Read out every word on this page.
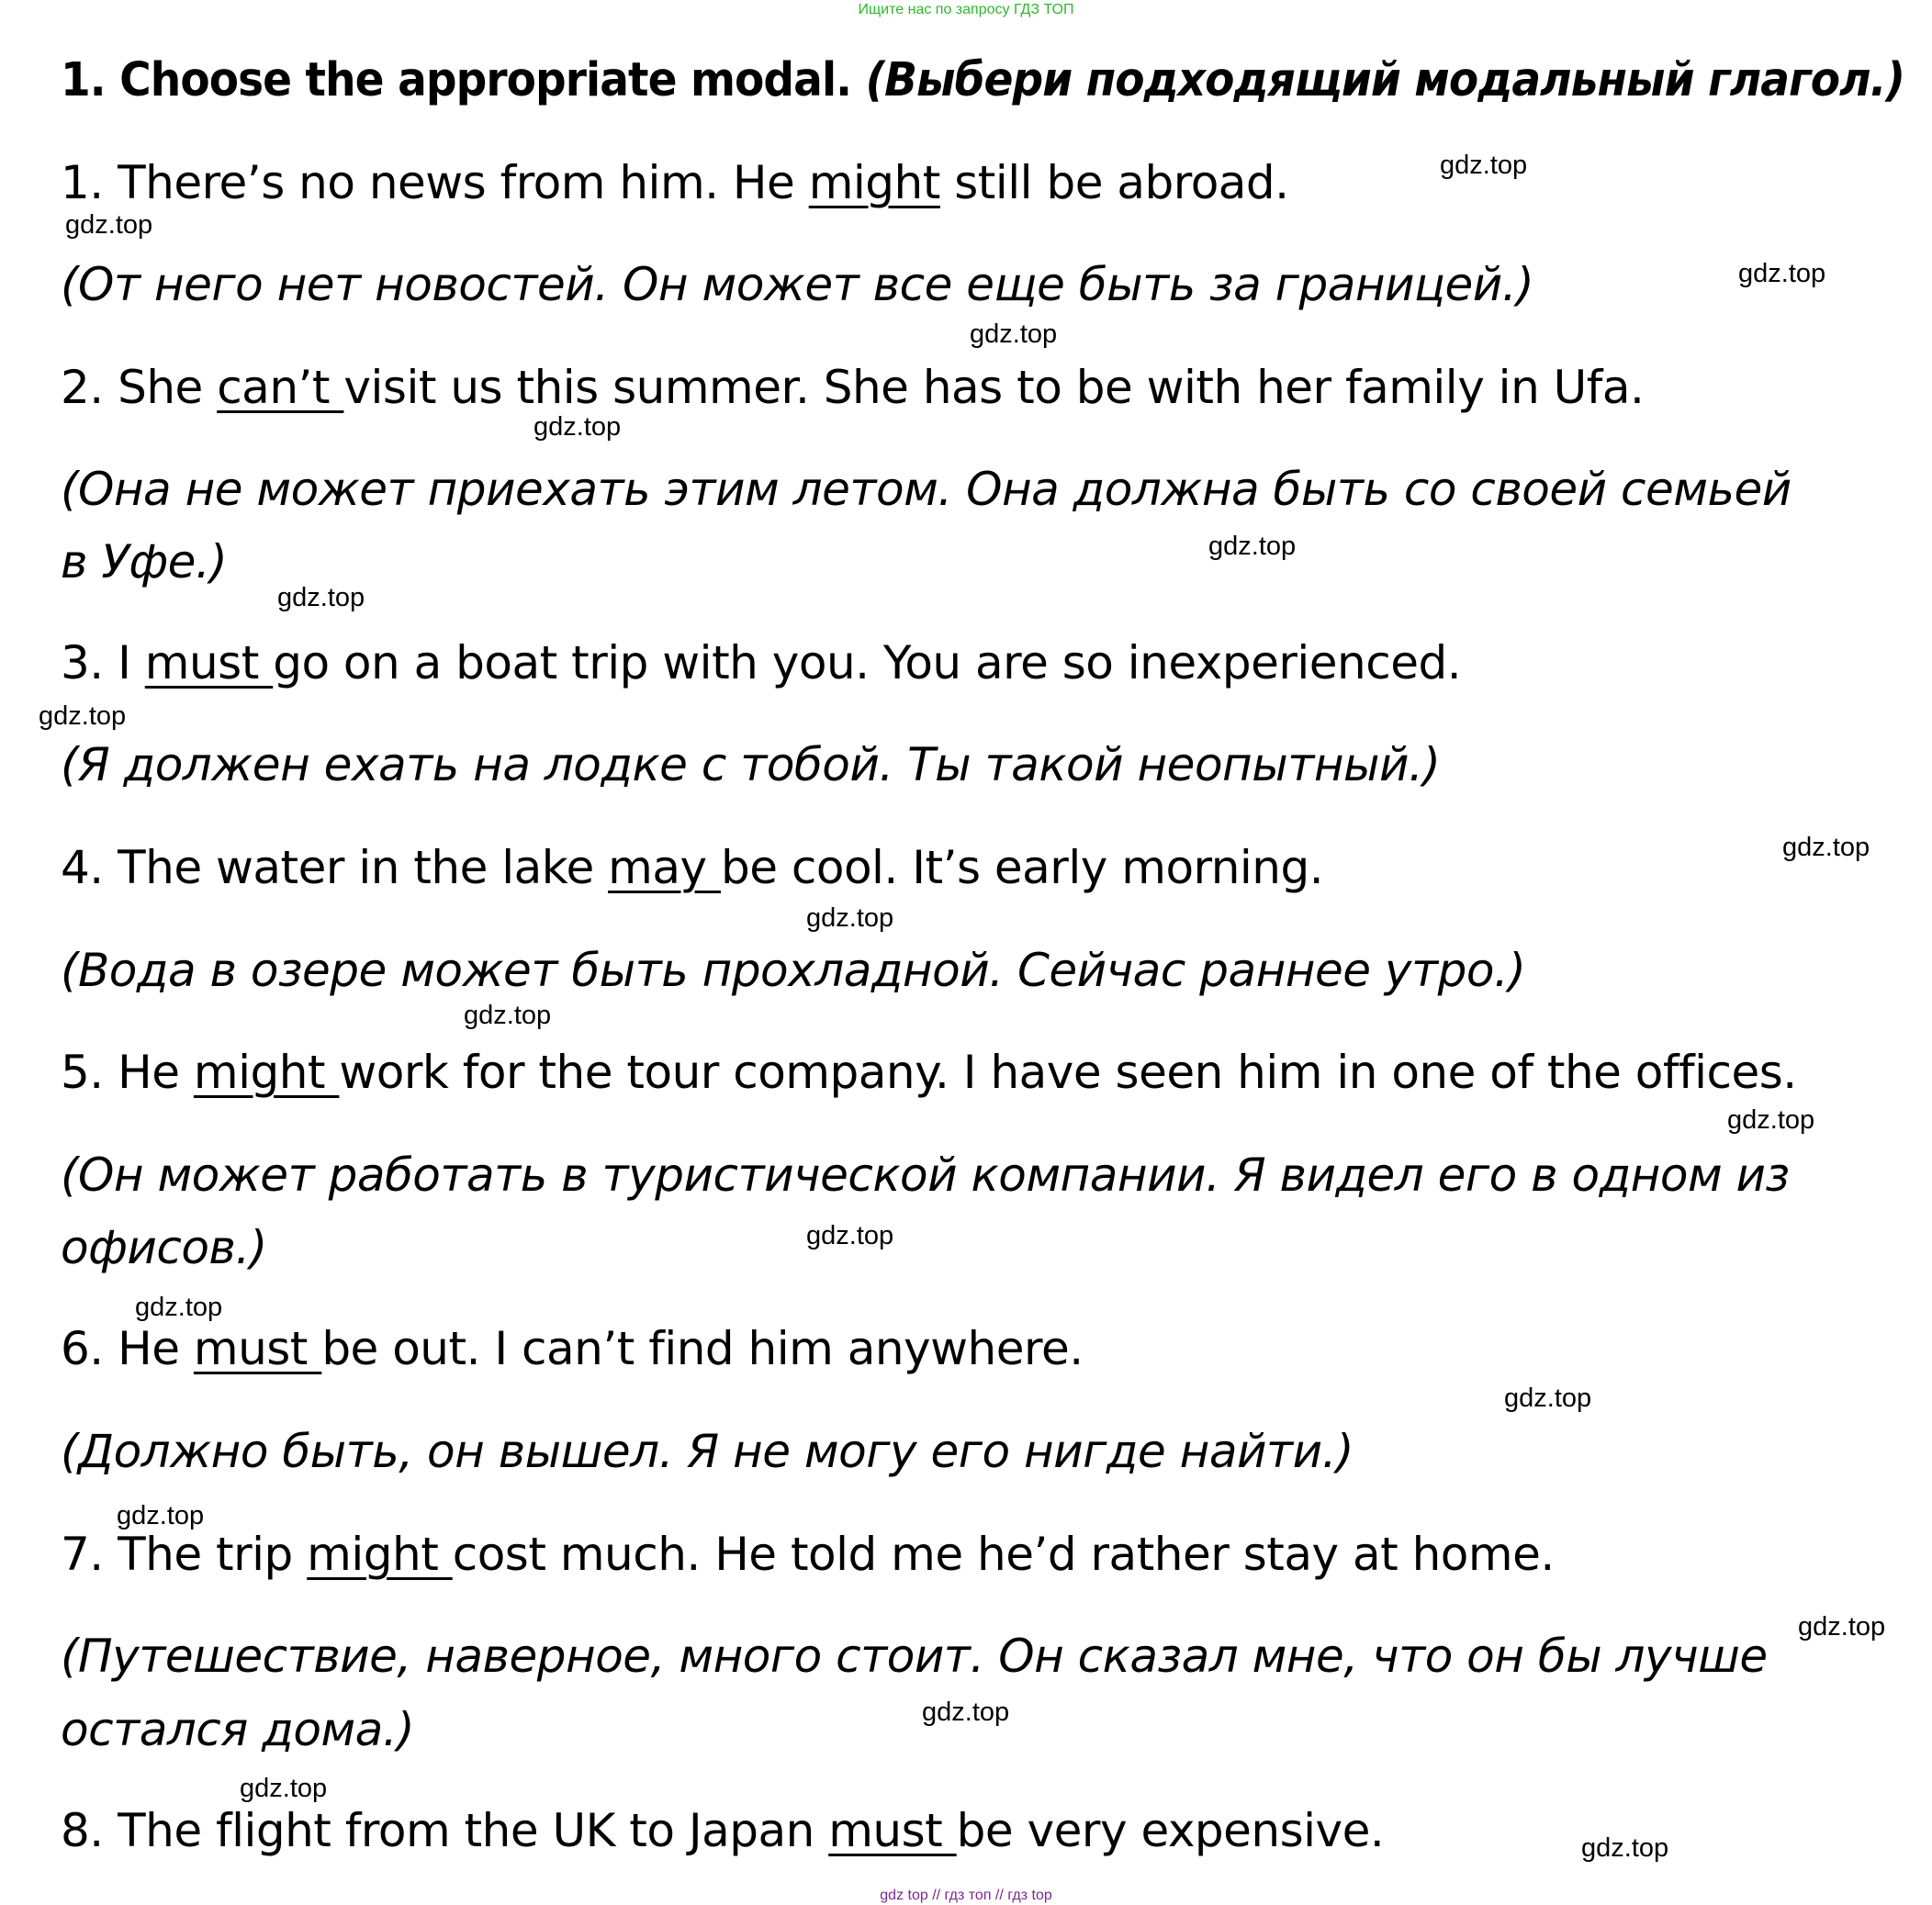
Ищите нас по запросу ГДЗ ТОП
1. Choose the appropriate modal. (Выбери подходящий модальный глагол.)
1. There’s no news from him. He might still be abroad.
(От него нет новостей. Он может все еще быть за границей.)
2. She can’t visit us this summer. She has to be with her family in Ufa.
(Она не может приехать этим летом. Она должна быть со своей семьей
в Уфе.)
3. I must go on a boat trip with you. You are so inexperienced.
(Я должен ехать на лодке с тобой. Ты такой неопытный.)
4. The water in the lake may be cool. It’s early morning.
(Вода в озере может быть прохладной. Сейчас раннее утро.)
5. He might work for the tour company. I have seen him in one of the offices.
(Он может работать в туристической компании. Я видел его в одном из
офисов.)
6. He must be out. I can’t find him anywhere.
(Должно быть, он вышел. Я не могу его нигде найти.)
7. The trip might cost much. He told me he’d rather stay at home.
(Путешествие, наверное, много стоит. Он сказал мне, что он бы лучше
остался дома.)
8. The flight from the UK to Japan must be very expensive.
gdz.top
gdz.top
gdz.top
gdz.top
gdz.top
gdz.top
gdz.top
gdz.top
gdz.top
gdz.top
gdz.top
gdz.top
gdz.top
gdz.top
gdz.top
gdz.top
gdz.top
gdz.top
gdz.top
gdz.top
gdz top // гдз топ // гдз top
